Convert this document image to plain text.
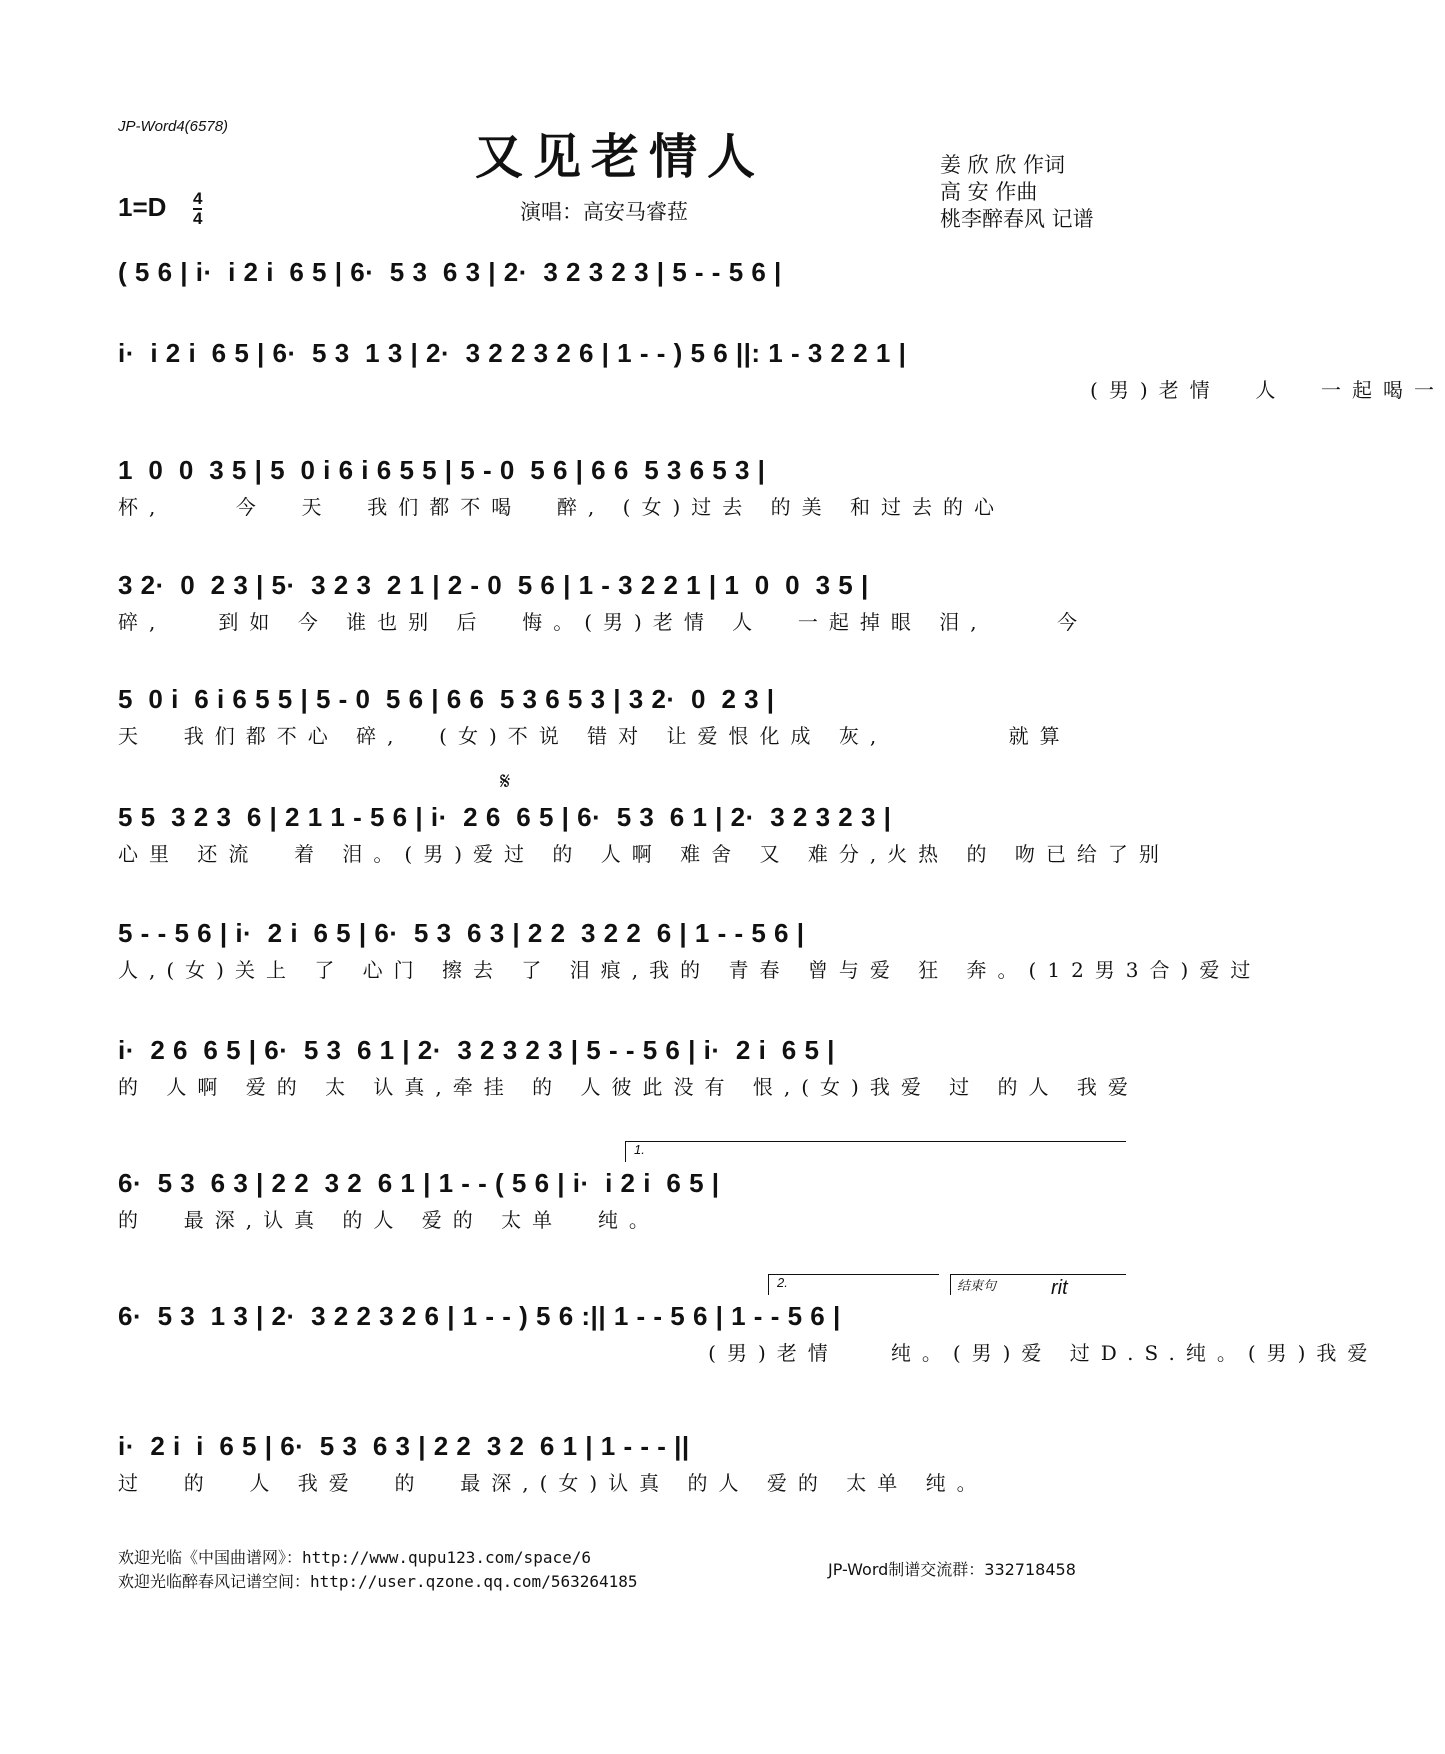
JP-Word4(6578)
又见老情人
1=D 4
4	演唱：高安马睿菈
姜 欣 欣 作词
高 安 作曲
桃李醉春风 记谱
( 5 6 | i·  i 2 i  6 5 | 6·  5 3  6 3 | 2·  3 2 3 2 3 | 5 - - 5 6 |
i·  i 2 i  6 5 | 6·  5 3  1 3 | 2·  3 2 2 3 2 6 | 1 - - ) 5 6 ||: 1 - 3 2 2 1 |
(男)老情  人  一起喝一
1  0  0  3 5 | 5  0 i 6 i 6 5 5 | 5 - 0  5 6 | 6 6  5 3 6 5 3 |
杯,    今  天  我们都不喝  醉, (女)过去 的美 和过去的心
3 2·  0  2 3 | 5·  3 2 3  2 1 | 2 - 0  5 6 | 1 - 3 2 2 1 | 1  0  0  3 5 |
碎,   到如 今 谁也别 后  悔。(男)老情 人  一起掉眼 泪,    今
5  0 i  6 i 6 5 5 | 5 - 0  5 6 | 6 6  5 3 6 5 3 | 3 2·  0  2 3 |
天  我们都不心 碎,  (女)不说 错对 让爱恨化成 灰,       就算
𝄋
5 5  3 2 3  6 | 2 1 1 - 5 6 | i·  2 6  6 5 | 6·  5 3  6 1 | 2·  3 2 3 2 3 |
心里 还流  着 泪。(男)爱过 的 人啊 难舍 又 难分,火热 的 吻已给了别
5 - - 5 6 | i·  2 i  6 5 | 6·  5 3  6 3 | 2 2  3 2 2  6 | 1 - - 5 6 |
人,(女)关上 了 心门 擦去 了 泪痕,我的 青春 曾与爱 狂 奔。(12男3合)爱过
i·  2 6  6 5 | 6·  5 3  6 1 | 2·  3 2 3 2 3 | 5 - - 5 6 | i·  2 i  6 5 |
的 人啊 爱的 太 认真,牵挂 的 人彼此没有 恨,(女)我爱 过 的人 我爱
1.
6·  5 3  6 3 | 2 2  3 2  6 1 | 1 - - ( 5 6 | i·  i 2 i  6 5 |
的  最深,认真 的人 爱的 太单  纯。
2.	结束句	rit
6·  5 3  1 3 | 2·  3 2 2 3 2 6 | 1 - - ) 5 6 :|| 1 - - 5 6 | 1 - - 5 6 |
(男)老情   纯。(男)爱 过D.S.纯。(男)我爱
i·  2 i  i  6 5 | 6·  5 3  6 3 | 2 2  3 2  6 1 | 1 - - - ||
过  的  人 我爱  的  最深,(女)认真 的人 爱的 太单 纯。
欢迎光临《中国曲谱网》：http://www.qupu123.com/space/6
欢迎光临醉春风记谱空间：http://user.qzone.qq.com/563264185
JP-Word制谱交流群：332718458
